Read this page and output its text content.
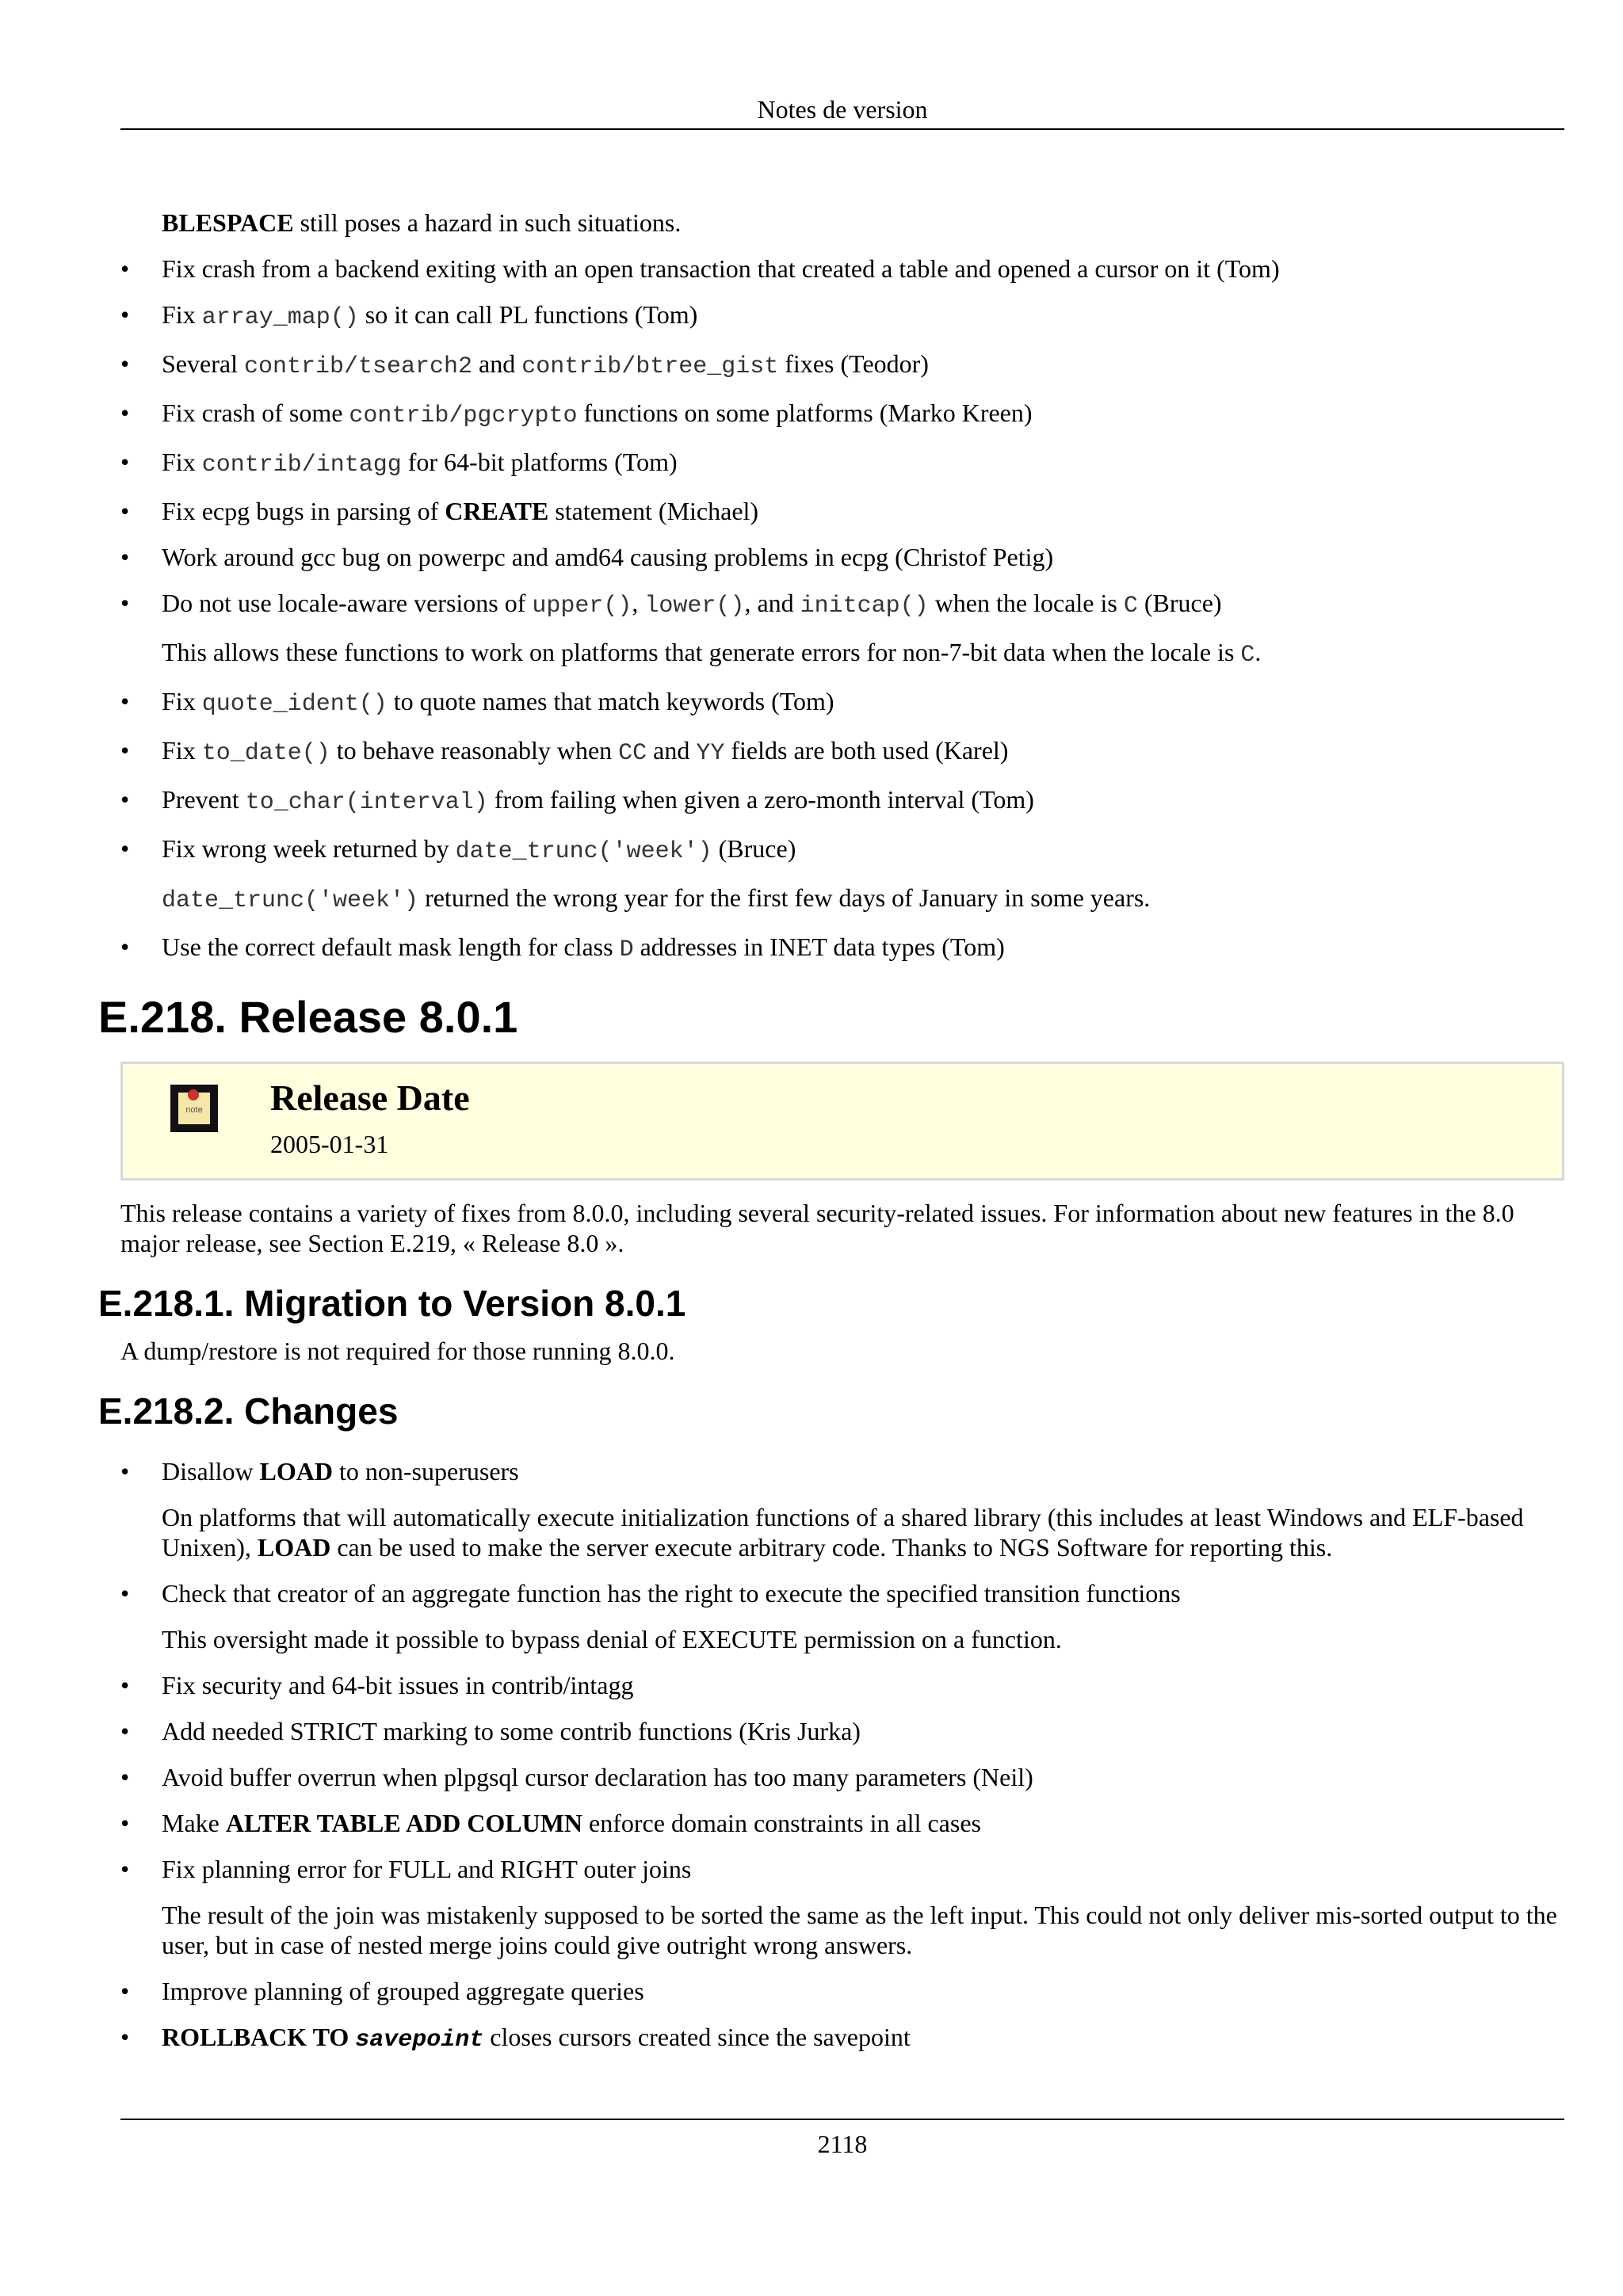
Notes de version

BLESPACE still poses a hazard in such situations.

• Fix crash from a backend exiting with an open transaction that created a table and opened a cursor on it (Tom)
• Fix array_map() so it can call PL functions (Tom)
• Several contrib/tsearch2 and contrib/btree_gist fixes (Teodor)
• Fix crash of some contrib/pgcrypto functions on some platforms (Marko Kreen)
• Fix contrib/intagg for 64-bit platforms (Tom)
• Fix ecpg bugs in parsing of CREATE statement (Michael)
• Work around gcc bug on powerpc and amd64 causing problems in ecpg (Christof Petig)
• Do not use locale-aware versions of upper(), lower(), and initcap() when the locale is C (Bruce)

This allows these functions to work on platforms that generate errors for non-7-bit data when the locale is C.

• Fix quote_ident() to quote names that match keywords (Tom)
• Fix to_date() to behave reasonably when CC and YY fields are both used (Karel)
• Prevent to_char(interval) from failing when given a zero-month interval (Tom)
• Fix wrong week returned by date_trunc('week') (Bruce)

date_trunc('week') returned the wrong year for the first few days of January in some years.

• Use the correct default mask length for class D addresses in INET data types (Tom)
E.218. Release 8.0.1
note Release Date
2005-01-31

This release contains a variety of fixes from 8.0.0, including several security-related issues. For information about new features in the 8.0 major release, see Section E.219, « Release 8.0 ».

E.218.1. Migration to Version 8.0.1

A dump/restore is not required for those running 8.0.0.

E.218.2. Changes
• Disallow LOAD to non-superusers

On platforms that will automatically execute initialization functions of a shared library (this includes at least Windows and ELF-based Unixen), LOAD can be used to make the server execute arbitrary code. Thanks to NGS Software for reporting this.

• Check that creator of an aggregate function has the right to execute the specified transition functions

This oversight made it possible to bypass denial of EXECUTE permission on a function.

• Fix security and 64-bit issues in contrib/intagg
• Add needed STRICT marking to some contrib functions (Kris Jurka)
• Avoid buffer overrun when plpgsql cursor declaration has too many parameters (Neil)
• Make ALTER TABLE ADD COLUMN enforce domain constraints in all cases
• Fix planning error for FULL and RIGHT outer joins

The result of the join was mistakenly supposed to be sorted the same as the left input. This could not only deliver mis-sorted output to the user, but in case of nested merge joins could give outright wrong answers.

• Improve planning of grouped aggregate queries
• ROLLBACK TO savepoint closes cursors created since the savepoint
2118
